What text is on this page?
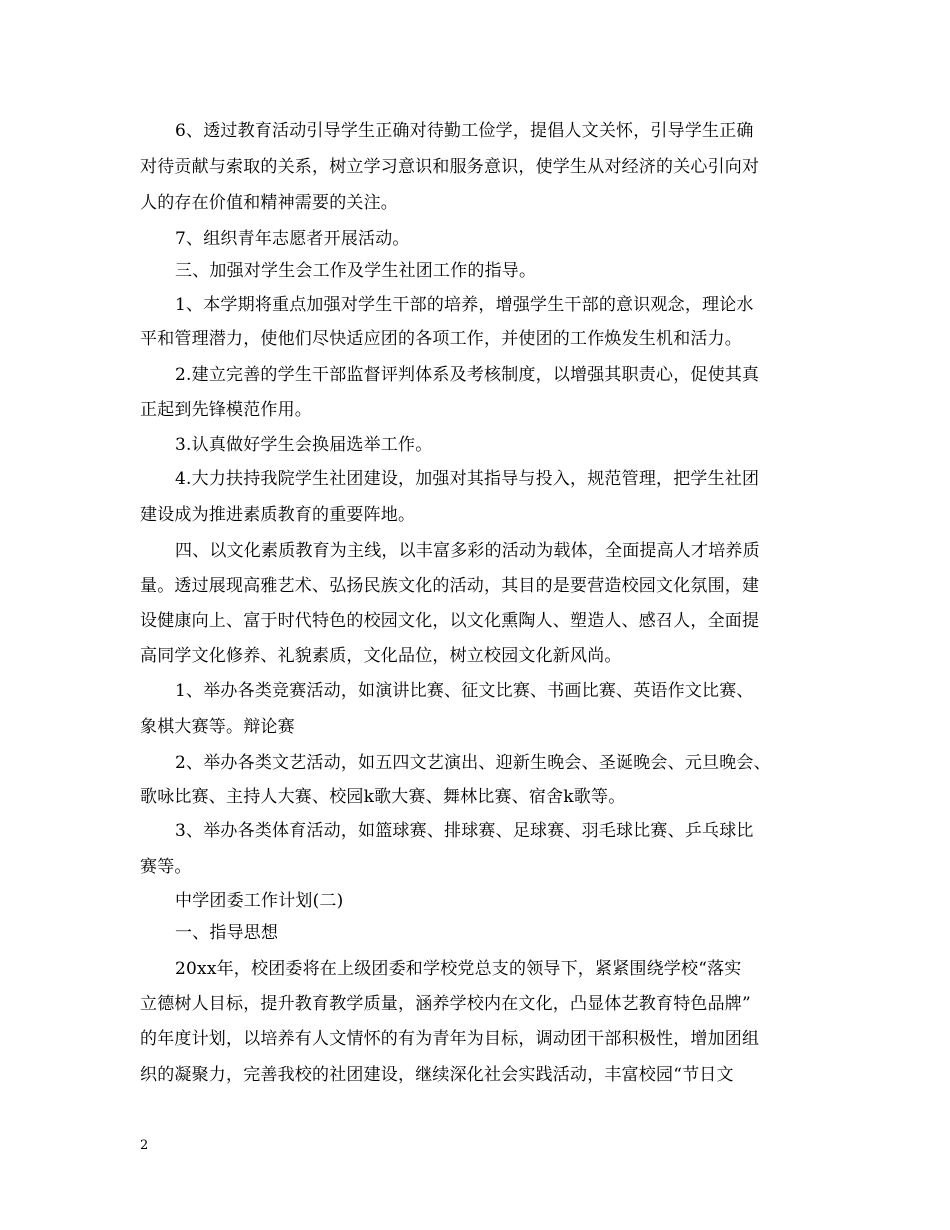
6、透过教育活动引导学生正确对待勤工俭学，提倡人文关怀，引导学生正确
对待贡献与索取的关系，树立学习意识和服务意识，使学生从对经济的关心引向对
人的存在价值和精神需要的关注。
7、组织青年志愿者开展活动。
三、加强对学生会工作及学生社团工作的指导。
1、本学期将重点加强对学生干部的培养，增强学生干部的意识观念，理论水
平和管理潜力，使他们尽快适应团的各项工作，并使团的工作焕发生机和活力。
2.建立完善的学生干部监督评判体系及考核制度，以增强其职责心，促使其真
正起到先锋模范作用。
3.认真做好学生会换届选举工作。
4.大力扶持我院学生社团建设，加强对其指导与投入，规范管理，把学生社团
建设成为推进素质教育的重要阵地。
四、以文化素质教育为主线，以丰富多彩的活动为载体，全面提高人才培养质
量。透过展现高雅艺术、弘扬民族文化的活动，其目的是要营造校园文化氛围，建
设健康向上、富于时代特色的校园文化，以文化熏陶人、塑造人、感召人，全面提
高同学文化修养、礼貌素质，文化品位，树立校园文化新风尚。
1、举办各类竞赛活动，如演讲比赛、征文比赛、书画比赛、英语作文比赛、
象棋大赛等。辩论赛
2、举办各类文艺活动，如五四文艺演出、迎新生晚会、圣诞晚会、元旦晚会、
歌咏比赛、主持人大赛、校园k歌大赛、舞林比赛、宿舍k歌等。
3、举办各类体育活动，如篮球赛、排球赛、足球赛、羽毛球比赛、乒乓球比
赛等。
中学团委工作计划(二)
一、指导思想
20xx年，校团委将在上级团委和学校党总支的领导下，紧紧围绕学校“落实
立德树人目标，提升教育教学质量，涵养学校内在文化，凸显体艺教育特色品牌”
的年度计划，以培养有人文情怀的有为青年为目标，调动团干部积极性，增加团组
织的凝聚力，完善我校的社团建设，继续深化社会实践活动，丰富校园“节日文
2
